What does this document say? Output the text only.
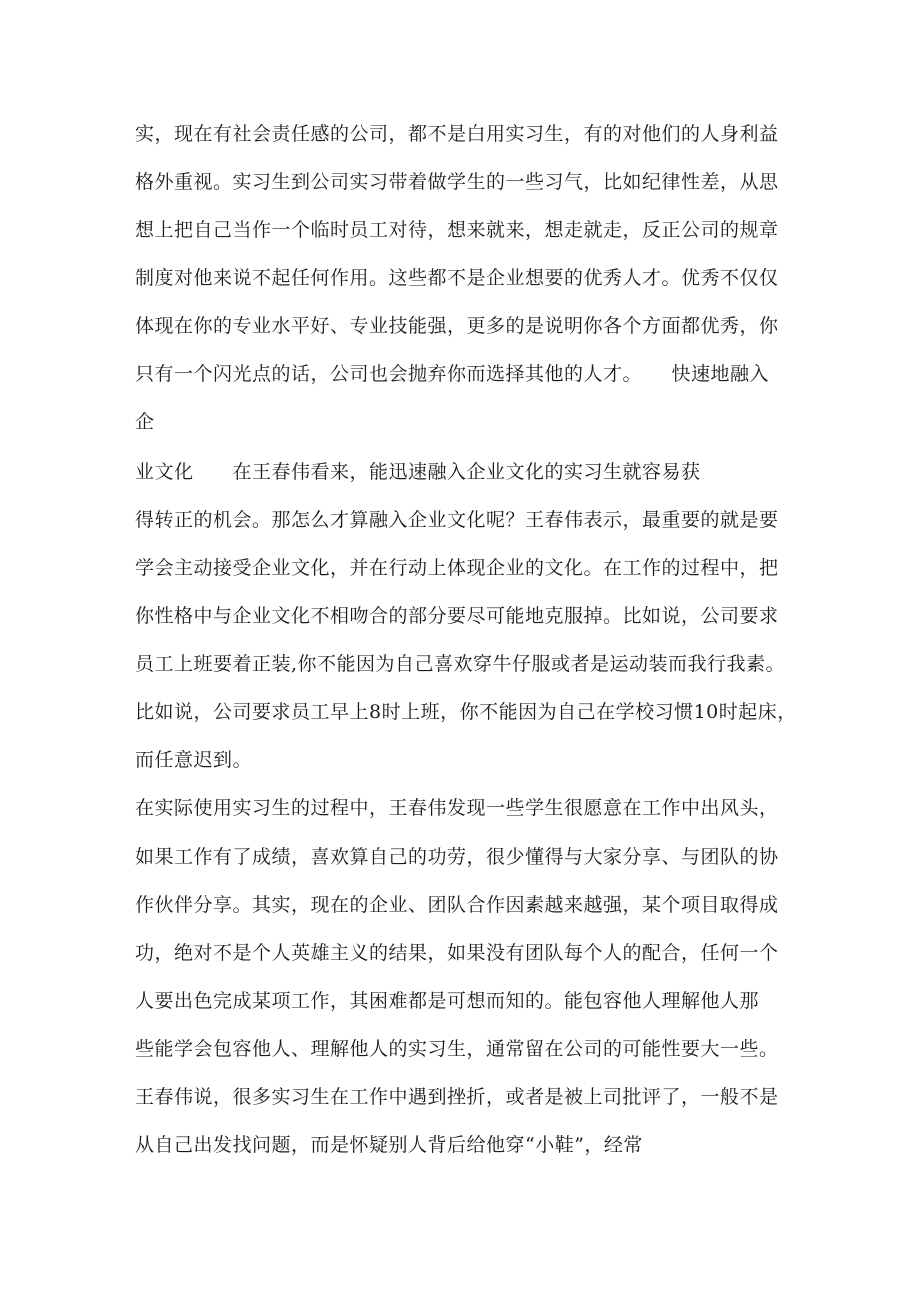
实，现在有社会责任感的公司，都不是白用实习生，有的对他们的人身利益
格外重视。实习生到公司实习带着做学生的一些习气，比如纪律性差，从思
想上把自己当作一个临时员工对待，想来就来，想走就走，反正公司的规章
制度对他来说不起任何作用。这些都不是企业想要的优秀人才。优秀不仅仅
体现在你的专业水平好、专业技能强，更多的是说明你各个方面都优秀，你
只有一个闪光点的话，公司也会抛弃你而选择其他的人才。　　快速地融入
企
业文化　　在王春伟看来，能迅速融入企业文化的实习生就容易获
得转正的机会。那怎么才算融入企业文化呢？王春伟表示，最重要的就是要
学会主动接受企业文化，并在行动上体现企业的文化。在工作的过程中，把
你性格中与企业文化不相吻合的部分要尽可能地克服掉。比如说，公司要求
员工上班要着正装,你不能因为自己喜欢穿牛仔服或者是运动装而我行我素。
比如说，公司要求员工早上8时上班，你不能因为自己在学校习惯10时起床，
而任意迟到。
在实际使用实习生的过程中，王春伟发现一些学生很愿意在工作中出风头，
如果工作有了成绩，喜欢算自己的功劳，很少懂得与大家分享、与团队的协
作伙伴分享。其实，现在的企业、团队合作因素越来越强，某个项目取得成
功，绝对不是个人英雄主义的结果，如果没有团队每个人的配合，任何一个
人要出色完成某项工作，其困难都是可想而知的。能包容他人理解他人那
些能学会包容他人、理解他人的实习生，通常留在公司的可能性要大一些。
王春伟说，很多实习生在工作中遇到挫折，或者是被上司批评了，一般不是
从自己出发找问题，而是怀疑别人背后给他穿“小鞋”，经常
